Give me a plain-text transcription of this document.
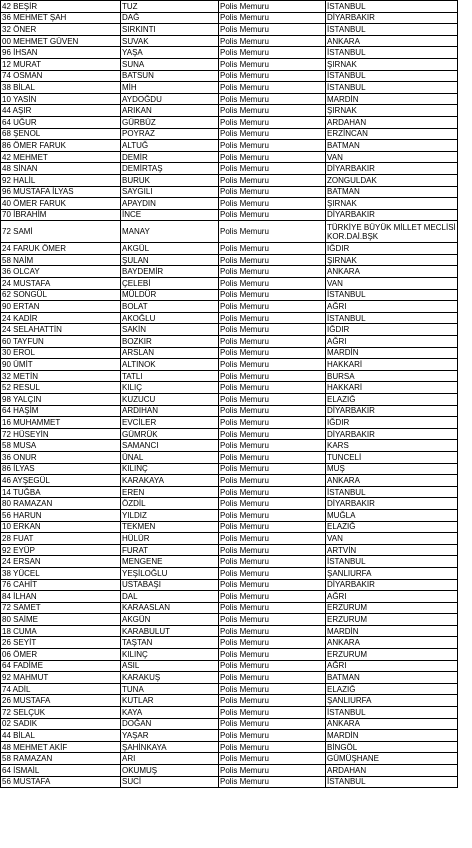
42 BEŞİR	TUZ	Polis Memuru	İSTANBUL
36 MEHMET ŞAH	DAĞ	Polis Memuru	DİYARBAKIR
32 ÖNER	SIRKINTI	Polis Memuru	İSTANBUL
00 MEHMET GÜVEN	SUVAK	Polis Memuru	ANKARA
96 İHSAN	YAŞA	Polis Memuru	İSTANBUL
12 MURAT	SUNA	Polis Memuru	ŞIRNAK
74 OSMAN	BATSUN	Polis Memuru	İSTANBUL
38 BİLAL	MİH	Polis Memuru	İSTANBUL
10 YASİN	AYDOĞDU	Polis Memuru	MARDİN
44 AŞIR	ARIKAN	Polis Memuru	ŞIRNAK
64 UĞUR	GÜRBÜZ	Polis Memuru	ARDAHAN
68 ŞENOL	POYRAZ	Polis Memuru	ERZİNCAN
86 ÖMER FARUK	ALTUĞ	Polis Memuru	BATMAN
42 MEHMET	DEMİR	Polis Memuru	VAN
48 SİNAN	DEMİRTAŞ	Polis Memuru	DİYARBAKIR
92 HALİL	BURUK	Polis Memuru	ZONGULDAK
96 MUSTAFA İLYAS	SAYGILI	Polis Memuru	BATMAN
40 ÖMER FARUK	APAYDIN	Polis Memuru	ŞIRNAK
70 İBRAHİM	İNCE	Polis Memuru	DİYARBAKIR
72 SAMİ	MANAY	Polis Memuru	TÜRKİYE BÜYÜK MİLLET MECLİSİ KOR.DAİ.BŞK
24 FARUK ÖMER	AKGÜL	Polis Memuru	IĞDIR
58 NAİM	ŞULAN	Polis Memuru	ŞIRNAK
36 OLCAY	BAYDEMİR	Polis Memuru	ANKARA
24 MUSTAFA	ÇELEBİ	Polis Memuru	VAN
62 SONGÜL	MÜLDÜR	Polis Memuru	İSTANBUL
90 ERTAN	BOLAT	Polis Memuru	AĞRI
24 KADİR	AKOĞLU	Polis Memuru	İSTANBUL
24 SELAHATTİN	SAKİN	Polis Memuru	IĞDIR
60 TAYFUN	BOZKIR	Polis Memuru	AĞRI
30 EROL	ARSLAN	Polis Memuru	MARDİN
90 ÜMİT	ALTINOK	Polis Memuru	HAKKARİ
32 METİN	TATLI	Polis Memuru	BURSA
52 RESUL	KILIÇ	Polis Memuru	HAKKARİ
98 YALÇIN	KUZUCU	Polis Memuru	ELAZIĞ
64 HAŞİM	ARDIHAN	Polis Memuru	DİYARBAKIR
16 MUHAMMET	EVCİLER	Polis Memuru	IĞDIR
72 HÜSEYİN	GÜMRÜK	Polis Memuru	DİYARBAKIR
58 MUSA	SAMANCI	Polis Memuru	KARS
36 ONUR	ÜNAL	Polis Memuru	TUNCELİ
86 İLYAS	KILINÇ	Polis Memuru	MUŞ
46 AYŞEGÜL	KARAKAYA	Polis Memuru	ANKARA
14 TUĞBA	EREN	Polis Memuru	İSTANBUL
80 RAMAZAN	ÖZDİL	Polis Memuru	DİYARBAKIR
56 HARUN	YILDIZ	Polis Memuru	MUĞLA
10 ERKAN	TEKMEN	Polis Memuru	ELAZIĞ
28 FUAT	HÜLÜR	Polis Memuru	VAN
92 EYÜP	FURAT	Polis Memuru	ARTVİN
24 ERSAN	MENGENE	Polis Memuru	İSTANBUL
38 YÜCEL	YEŞİLOĞLU	Polis Memuru	ŞANLIURFA
76 CAHİT	USTABAŞI	Polis Memuru	DİYARBAKIR
84 İLHAN	DAL	Polis Memuru	AĞRI
72 SAMET	KARAASLAN	Polis Memuru	ERZURUM
80 SAİME	AKGÜN	Polis Memuru	ERZURUM
18 CUMA	KARABULUT	Polis Memuru	MARDİN
26 SEYİT	TAŞTAN	Polis Memuru	ANKARA
06 ÖMER	KILINÇ	Polis Memuru	ERZURUM
64 FADİME	ASIL	Polis Memuru	AĞRI
92 MAHMUT	KARAKUŞ	Polis Memuru	BATMAN
74 ADİL	TUNA	Polis Memuru	ELAZIĞ
26 MUSTAFA	KUTLAR	Polis Memuru	ŞANLIURFA
72 SELÇUK	KAYA	Polis Memuru	İSTANBUL
02 SADIK	DOĞAN	Polis Memuru	ANKARA
44 BİLAL	YAŞAR	Polis Memuru	MARDİN
48 MEHMET AKİF	ŞAHİNKAYA	Polis Memuru	BİNGÖL
58 RAMAZAN	ARI	Polis Memuru	GÜMÜŞHANE
64 İSMAİL	OKUMUŞ	Polis Memuru	ARDAHAN
56 MUSTAFA	SUCİ	Polis Memuru	İSTANBUL
